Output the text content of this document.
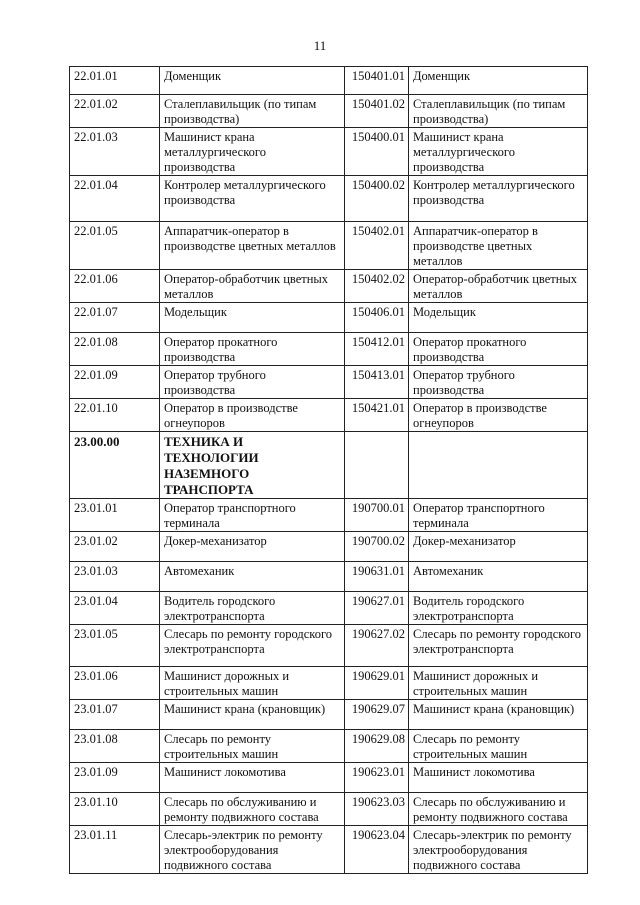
11
22.01.01	Доменщик	150401.01	Доменщик

22.01.02	Сталеплавильщик (по типам производства)	150401.02	Сталеплавильщик (по типам производства)

22.01.03	Машинист крана металлургического производства	150400.01	Машинист крана металлургического производства

22.01.04	Контролер металлургического производства	150400.02	Контролер металлургического производства

22.01.05	Аппаратчик-оператор в производстве цветных металлов	150402.01	Аппаратчик-оператор в производстве цветных металлов

22.01.06	Оператор-обработчик цветных металлов	150402.02	Оператор-обработчик цветных металлов

22.01.07	Модельщик	150406.01	Модельщик

22.01.08	Оператор прокатного производства	150412.01	Оператор прокатного производства

22.01.09	Оператор трубного производства	150413.01	Оператор трубного производства

22.01.10	Оператор в производстве огнеупоров	150421.01	Оператор в производстве огнеупоров

23.00.00	ТЕХНИКА И ТЕХНОЛОГИИ НАЗЕМНОГО ТРАНСПОРТА		

23.01.01	Оператор транспортного терминала	190700.01	Оператор транспортного терминала

23.01.02	Докер-механизатор	190700.02	Докер-механизатор

23.01.03	Автомеханик	190631.01	Автомеханик

23.01.04	Водитель городского электротранспорта	190627.01	Водитель городского электротранспорта

23.01.05	Слесарь по ремонту городского электротранспорта	190627.02	Слесарь по ремонту городского электротранспорта

23.01.06	Машинист дорожных и строительных машин	190629.01	Машинист дорожных и строительных машин

23.01.07	Машинист крана (крановщик)	190629.07	Машинист крана (крановщик)

23.01.08	Слесарь по ремонту строительных машин	190629.08	Слесарь по ремонту строительных машин

23.01.09	Машинист локомотива	190623.01	Машинист локомотива

23.01.10	Слесарь по обслуживанию и ремонту подвижного состава	190623.03	Слесарь по обслуживанию и ремонту подвижного состава

23.01.11	Слесарь-электрик по ремонту электрооборудования подвижного состава	190623.04	Слесарь-электрик по ремонту электрооборудования подвижного состава
